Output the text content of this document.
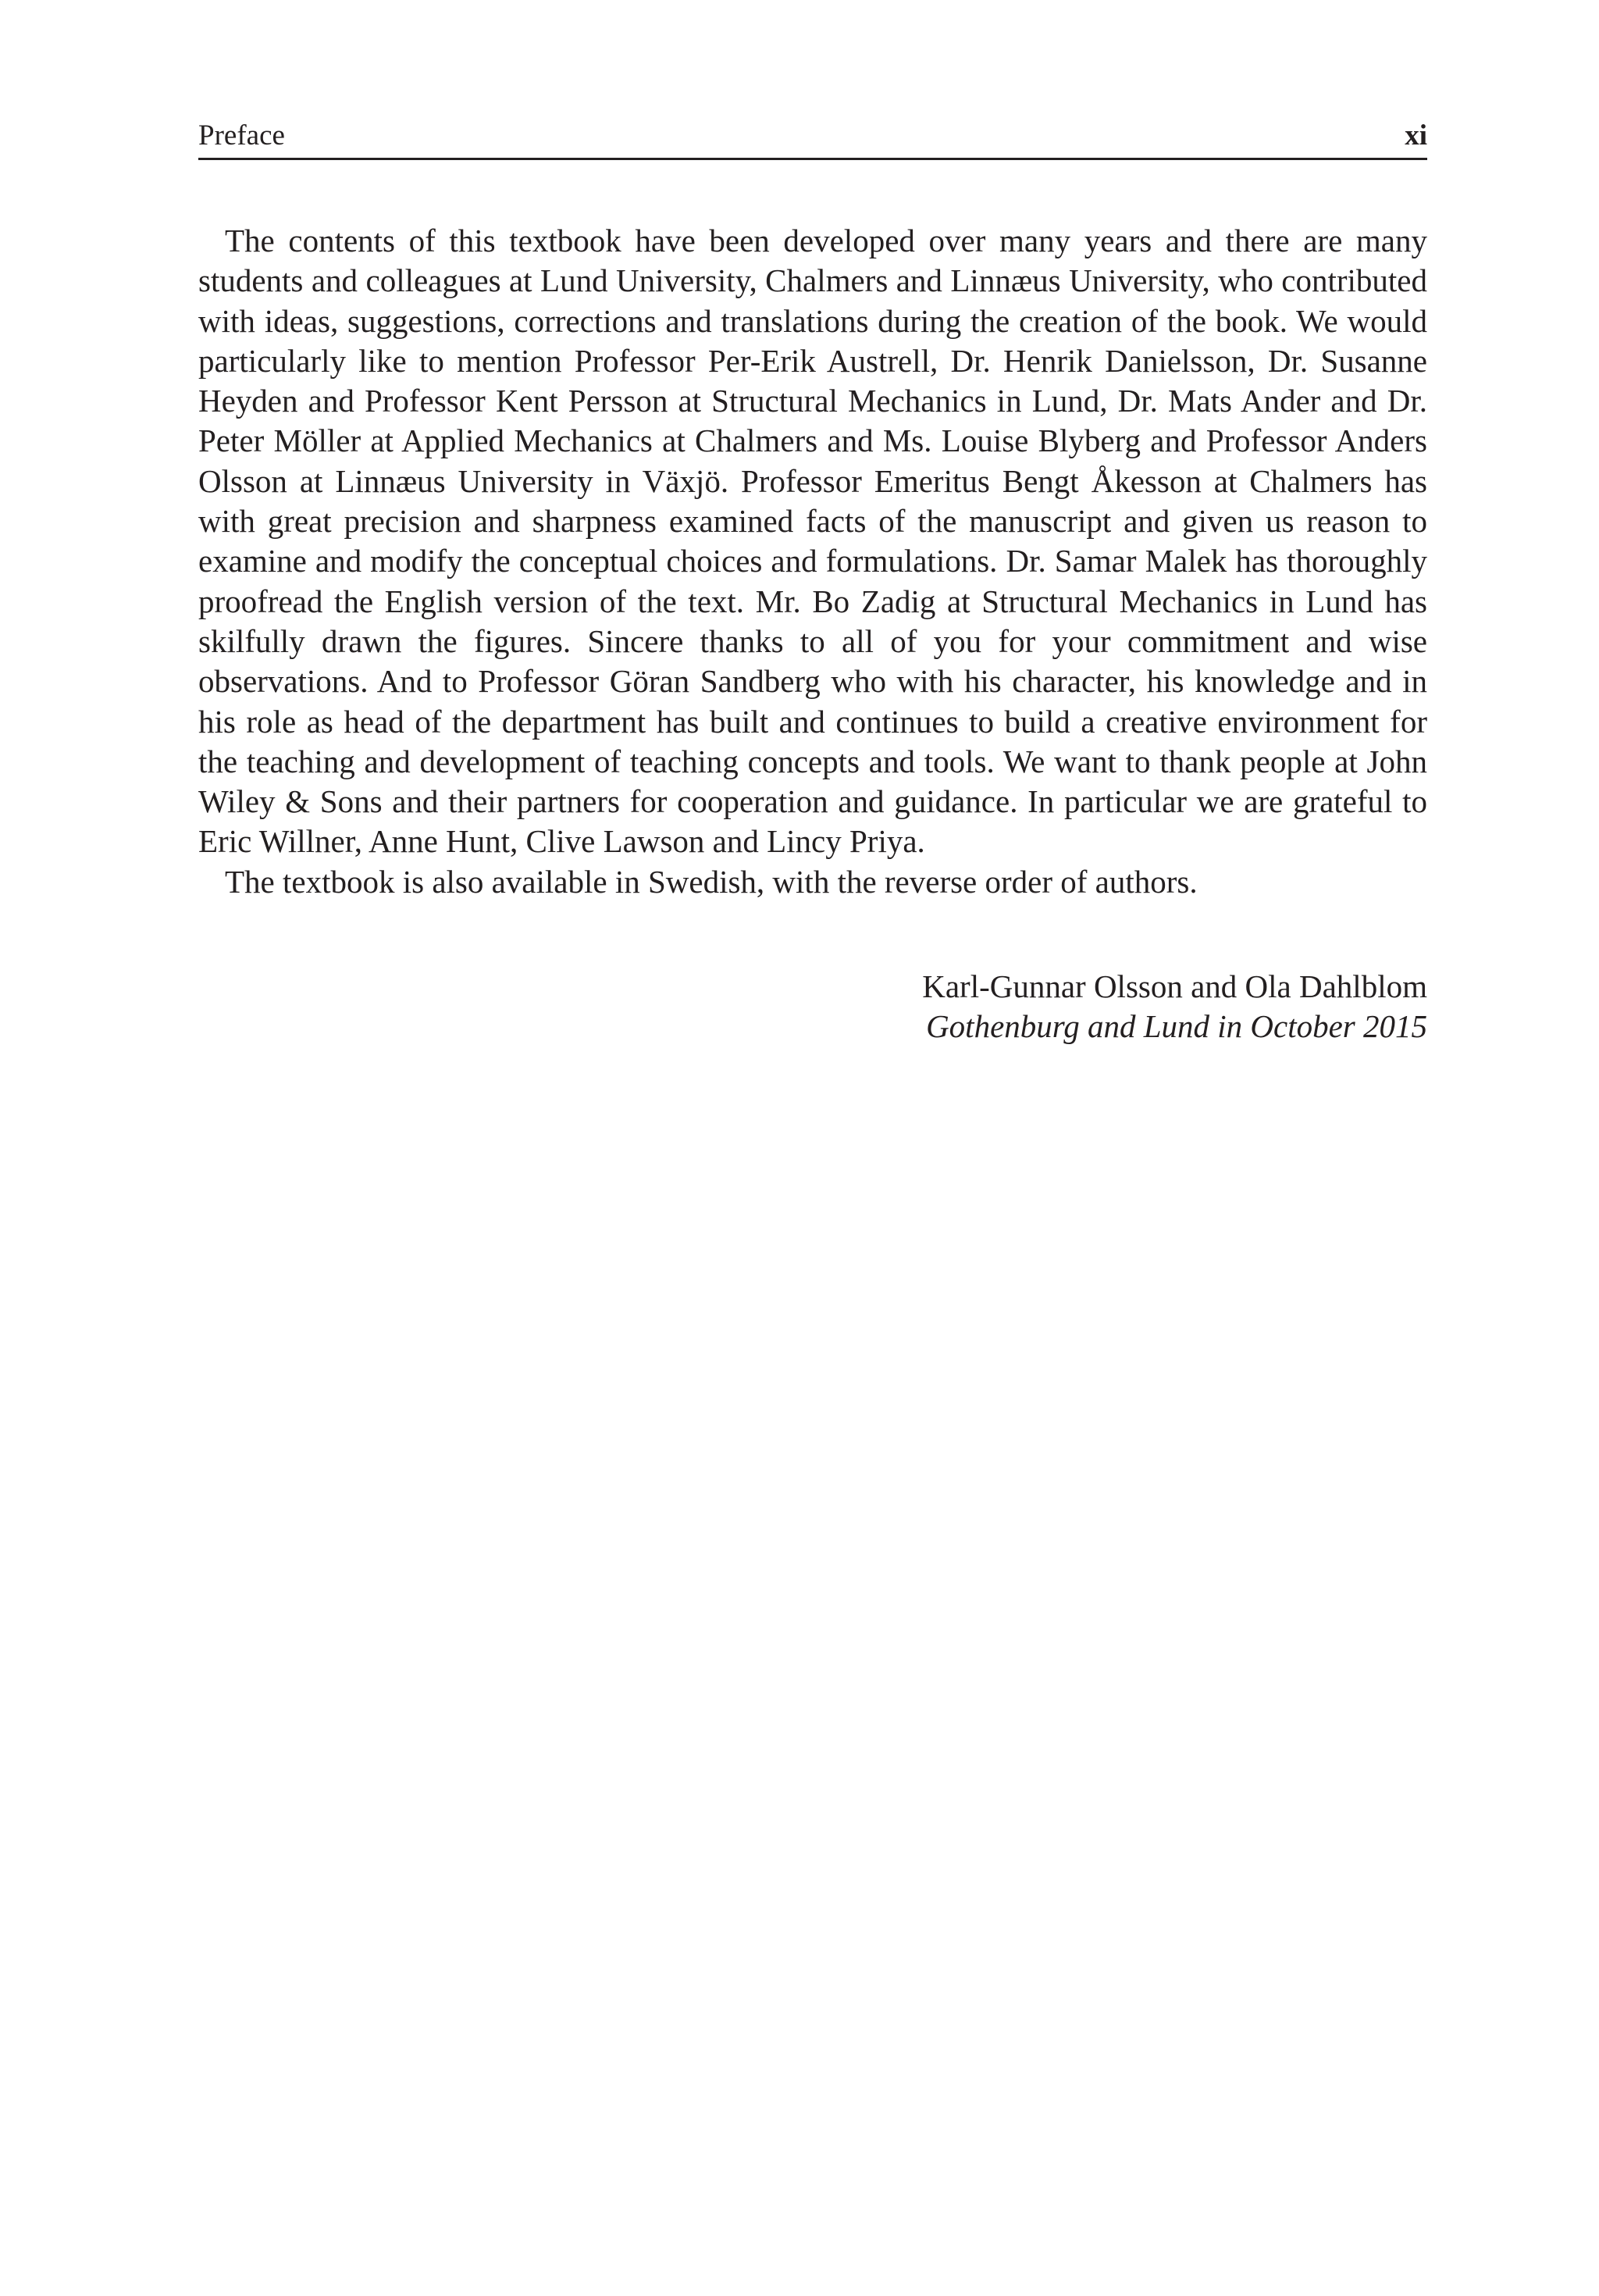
Preface	xi

The contents of this textbook have been developed over many years and there are many students and colleagues at Lund University, Chalmers and Linnæus University, who contributed with ideas, suggestions, corrections and translations during the creation of the book. We would particularly like to mention Professor Per-Erik Austrell, Dr. Henrik Danielsson, Dr. Susanne Heyden and Professor Kent Persson at Structural Mechanics in Lund, Dr. Mats Ander and Dr. Peter Möller at Applied Mechanics at Chalmers and Ms. Louise Blyberg and Professor Anders Olsson at Linnæus University in Växjö. Professor Emeritus Bengt Åkesson at Chalmers has with great precision and sharpness examined facts of the manuscript and given us reason to examine and modify the conceptual choices and formulations. Dr. Samar Malek has thoroughly proofread the English version of the text. Mr. Bo Zadig at Structural Mechanics in Lund has skilfully drawn the figures. Sincere thanks to all of you for your commitment and wise observations. And to Professor Göran Sandberg who with his character, his knowledge and in his role as head of the department has built and continues to build a creative environment for the teaching and development of teaching concepts and tools. We want to thank people at John Wiley & Sons and their partners for cooperation and guidance. In particular we are grateful to Eric Willner, Anne Hunt, Clive Lawson and Lincy Priya.

The textbook is also available in Swedish, with the reverse order of authors.

Karl-Gunnar Olsson and Ola Dahlblom
Gothenburg and Lund in October 2015
